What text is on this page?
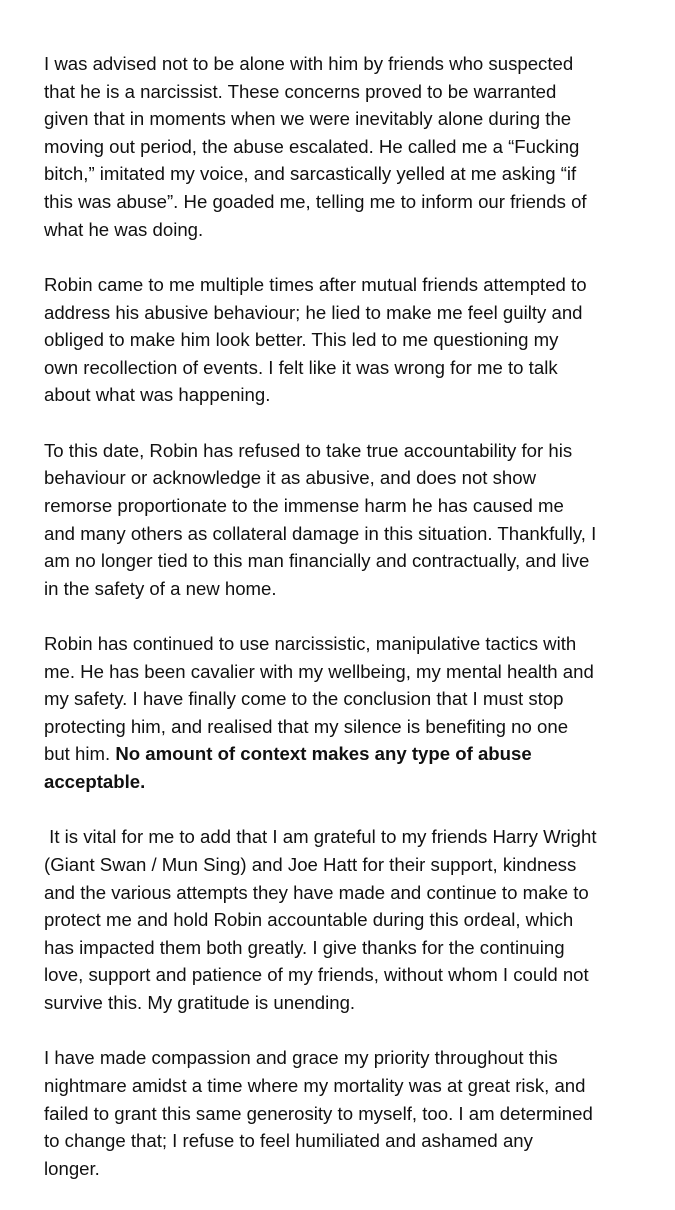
I was advised not to be alone with him by friends who suspected
that he is a narcissist. These concerns proved to be warranted
given that in moments when we were inevitably alone during the
moving out period, the abuse escalated. He called me a “Fucking
bitch,” imitated my voice, and sarcastically yelled at me asking “if
this was abuse”. He goaded me, telling me to inform our friends of
what he was doing.

Robin came to me multiple times after mutual friends attempted to
address his abusive behaviour; he lied to make me feel guilty and
obliged to make him look better. This led to me questioning my
own recollection of events. I felt like it was wrong for me to talk
about what was happening.

To this date, Robin has refused to take true accountability for his
behaviour or acknowledge it as abusive, and does not show
remorse proportionate to the immense harm he has caused me
and many others as collateral damage in this situation. Thankfully, I
am no longer tied to this man financially and contractually, and live
in the safety of a new home.

Robin has continued to use narcissistic, manipulative tactics with
me. He has been cavalier with my wellbeing, my mental health and
my safety. I have finally come to the conclusion that I must stop
protecting him, and realised that my silence is benefiting no one
but him. No amount of context makes any type of abuse
acceptable.

It is vital for me to add that I am grateful to my friends Harry Wright
(Giant Swan / Mun Sing) and Joe Hatt for their support, kindness
and the various attempts they have made and continue to make to
protect me and hold Robin accountable during this ordeal, which
has impacted them both greatly. I give thanks for the continuing
love, support and patience of my friends, without whom I could not
survive this. My gratitude is unending.

I have made compassion and grace my priority throughout this
nightmare amidst a time where my mortality was at great risk, and
failed to grant this same generosity to myself, too. I am determined
to change that; I refuse to feel humiliated and ashamed any
longer.
